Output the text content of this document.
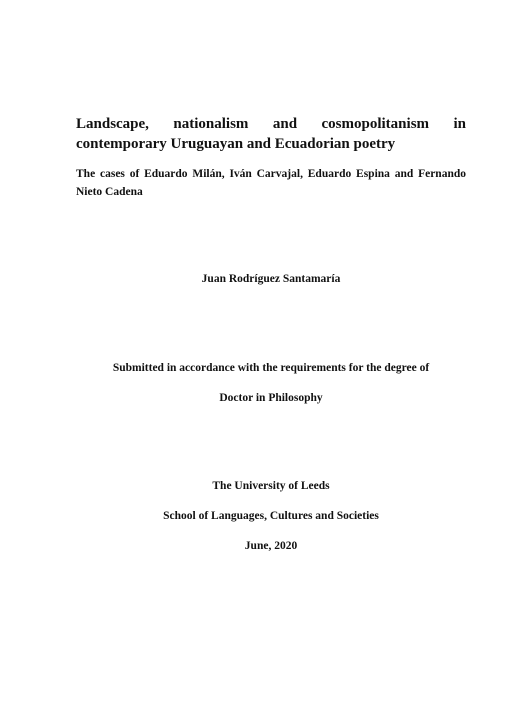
Landscape, nationalism and cosmopolitanism in contemporary Uruguayan and Ecuadorian poetry
The cases of Eduardo Milán, Iván Carvajal, Eduardo Espina and Fernando Nieto Cadena

Juan Rodríguez Santamaría

Submitted in accordance with the requirements for the degree of

Doctor in Philosophy

The University of Leeds

School of Languages, Cultures and Societies

June, 2020
